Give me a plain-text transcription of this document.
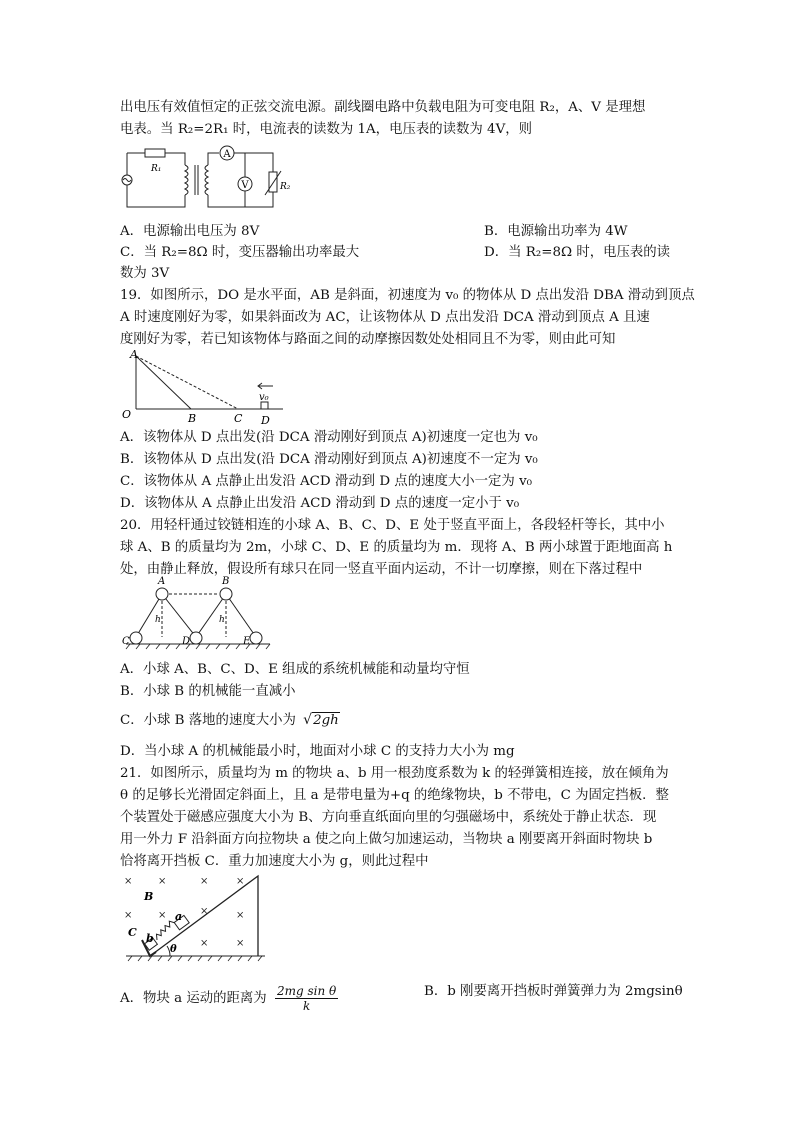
出电压有效值恒定的正弦交流电源。副线圈电路中负载电阻为可变电阻 R₂，A、V 是理想
电表。当 R₂=2R₁ 时，电流表的读数为 1A，电压表的读数为 4V，则
A
V
R₁
R₂
A．电源输出电压为 8V	B．电源输出功率为 4W
C．当 R₂=8Ω 时，变压器输出功率最大	D．当 R₂=8Ω 时，电压表的读
数为 3V
19．如图所示，DO 是水平面，AB 是斜面，初速度为 v₀ 的物体从 D 点出发沿 DBA 滑动到顶点
A 时速度刚好为零，如果斜面改为 AC，让该物体从 D 点出发沿 DCA 滑动到顶点 A 且速
度刚好为零，若已知该物体与路面之间的动摩擦因数处处相同且不为零，则由此可知
A
O	B	C D
v₀
A．该物体从 D 点出发(沿 DCA 滑动刚好到顶点 A)初速度一定也为 v₀
B．该物体从 D 点出发(沿 DCA 滑动刚好到顶点 A)初速度不一定为 v₀
C．该物体从 A 点静止出发沿 ACD 滑动到 D 点的速度大小一定为 v₀
D．该物体从 A 点静止出发沿 ACD 滑动到 D 点的速度一定小于 v₀
20．用轻杆通过铰链相连的小球 A、B、C、D、E 处于竖直平面上，各段轻杆等长，其中小
球 A、B 的质量均为 2m，小球 C、D、E 的质量均为 m．现将 A、B 两小球置于距地面高 h
处，由静止释放，假设所有球只在同一竖直平面内运动，不计一切摩擦，则在下落过程中
A	B
C	D	E
h	h
A．小球 A、B、C、D、E 组成的系统机械能和动量均守恒
B．小球 B 的机械能一直减小
C．小球 B 落地的速度大小为 √2gh
D．当小球 A 的机械能最小时，地面对小球 C 的支持力大小为 mg
21．如图所示，质量均为 m 的物块 a、b 用一根劲度系数为 k 的轻弹簧相连接，放在倾角为
θ 的足够长光滑固定斜面上，且 a 是带电量为+q 的绝缘物块，b 不带电，C 为固定挡板．整
个装置处于磁感应强度大小为 B、方向垂直纸面向里的匀强磁场中，系统处于静止状态．现
用一外力 F 沿斜面方向拉物块 a 使之向上做匀加速运动，当物块 a 刚要离开斜面时物块 b
恰将离开挡板 C．重力加速度大小为 g，则此过程中
×	×	×	×
×
×	×	×
×	×
B
a
b
C
θ
A．物块 a 运动的距离为 $\frac{\text{2mg sin θ}}{k}$	B．b 刚要离开挡板时弹簧弹力为 2mgsinθ
